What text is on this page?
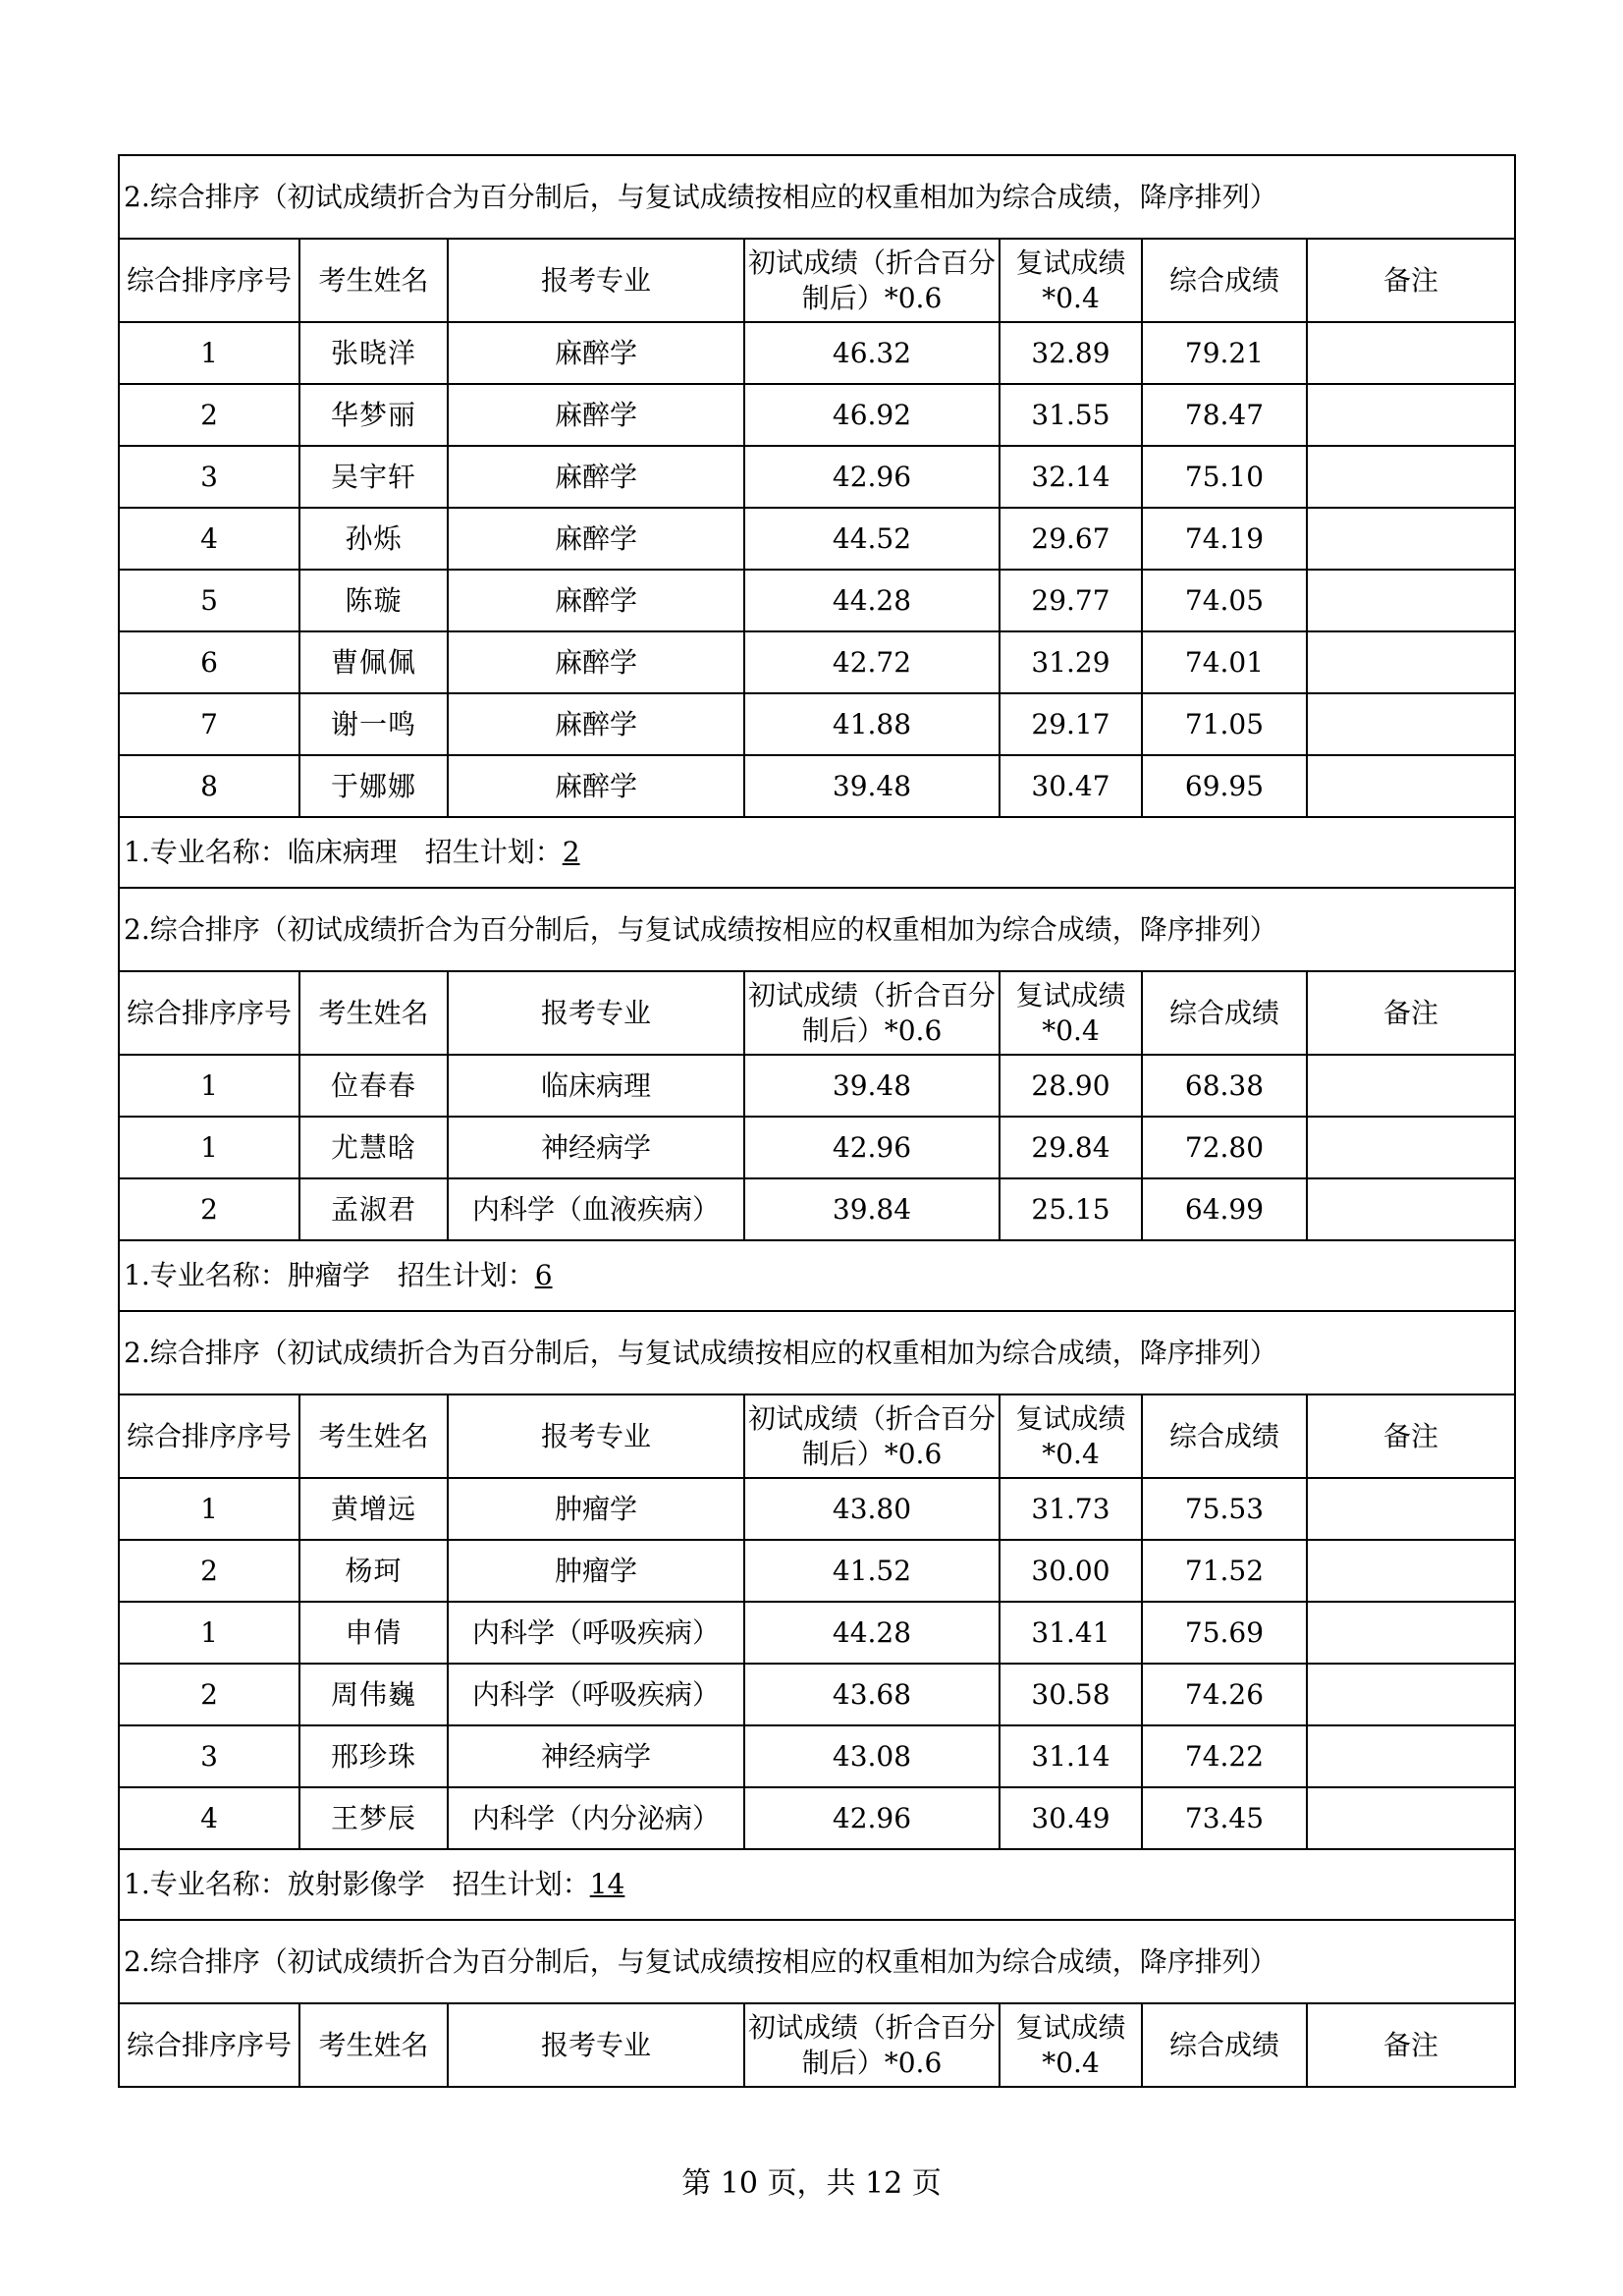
2.综合排序（初试成绩折合为百分制后，与复试成绩按相应的权重相加为综合成绩，降序排列）						
综合排序序号	考生姓名	报考专业	初试成绩（折合百分制后）*0.6	复试成绩*0.4	综合成绩	备注
1	张晓洋	麻醉学	46.32	32.89	79.21	
2	华梦丽	麻醉学	46.92	31.55	78.47	
3	吴宇轩	麻醉学	42.96	32.14	75.10	
4	孙烁	麻醉学	44.52	29.67	74.19	
5	陈璇	麻醉学	44.28	29.77	74.05	
6	曹佩佩	麻醉学	42.72	31.29	74.01	
7	谢一鸣	麻醉学	41.88	29.17	71.05	
8	于娜娜	麻醉学	39.48	30.47	69.95	
1.专业名称：临床病理　招生计划：2						
2.综合排序（初试成绩折合为百分制后，与复试成绩按相应的权重相加为综合成绩，降序排列）						
综合排序序号	考生姓名	报考专业	初试成绩（折合百分制后）*0.6	复试成绩*0.4	综合成绩	备注
1	位春春	临床病理	39.48	28.90	68.38	
1	尤慧晗	神经病学	42.96	29.84	72.80	
2	孟淑君	内科学（血液疾病）	39.84	25.15	64.99	
1.专业名称：肿瘤学　招生计划：6						
2.综合排序（初试成绩折合为百分制后，与复试成绩按相应的权重相加为综合成绩，降序排列）						
综合排序序号	考生姓名	报考专业	初试成绩（折合百分制后）*0.6	复试成绩*0.4	综合成绩	备注
1	黄增远	肿瘤学	43.80	31.73	75.53	
2	杨珂	肿瘤学	41.52	30.00	71.52	
1	申倩	内科学（呼吸疾病）	44.28	31.41	75.69	
2	周伟巍	内科学（呼吸疾病）	43.68	30.58	74.26	
3	邢珍珠	神经病学	43.08	31.14	74.22	
4	王梦辰	内科学（内分泌病）	42.96	30.49	73.45	
1.专业名称：放射影像学　招生计划：14						
2.综合排序（初试成绩折合为百分制后，与复试成绩按相应的权重相加为综合成绩，降序排列）						
综合排序序号	考生姓名	报考专业	初试成绩（折合百分制后）*0.6	复试成绩*0.4	综合成绩	备注
第 10 页，共 12 页
